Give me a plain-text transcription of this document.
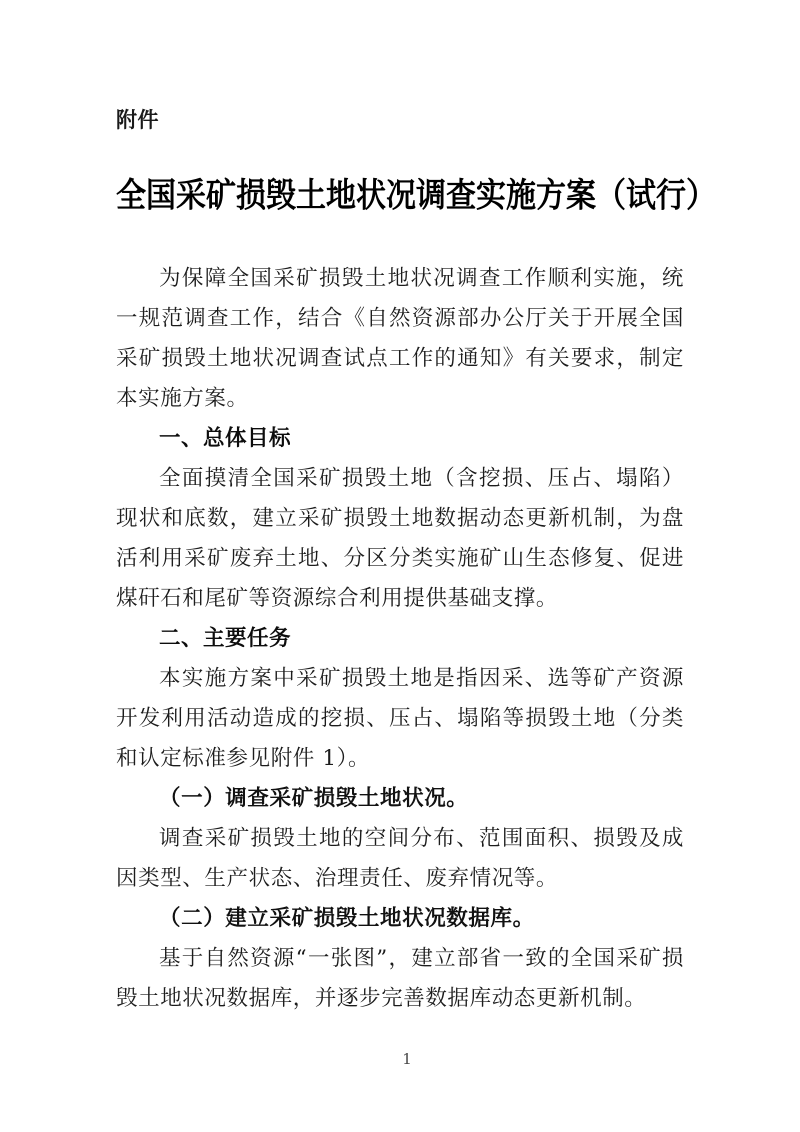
附件
全国采矿损毁土地状况调查实施方案（试行）
为保障全国采矿损毁土地状况调查工作顺利实施，统一规范调查工作，结合《自然资源部办公厅关于开展全国采矿损毁土地状况调查试点工作的通知》有关要求，制定本实施方案。
一、总体目标
全面摸清全国采矿损毁土地（含挖损、压占、塌陷）现状和底数，建立采矿损毁土地数据动态更新机制，为盘活利用采矿废弃土地、分区分类实施矿山生态修复、促进煤矸石和尾矿等资源综合利用提供基础支撑。
二、主要任务
本实施方案中采矿损毁土地是指因采、选等矿产资源开发利用活动造成的挖损、压占、塌陷等损毁土地（分类和认定标准参见附件 1）。
（一）调查采矿损毁土地状况。
调查采矿损毁土地的空间分布、范围面积、损毁及成因类型、生产状态、治理责任、废弃情况等。
（二）建立采矿损毁土地状况数据库。
基于自然资源“一张图”，建立部省一致的全国采矿损毁土地状况数据库，并逐步完善数据库动态更新机制。
1
